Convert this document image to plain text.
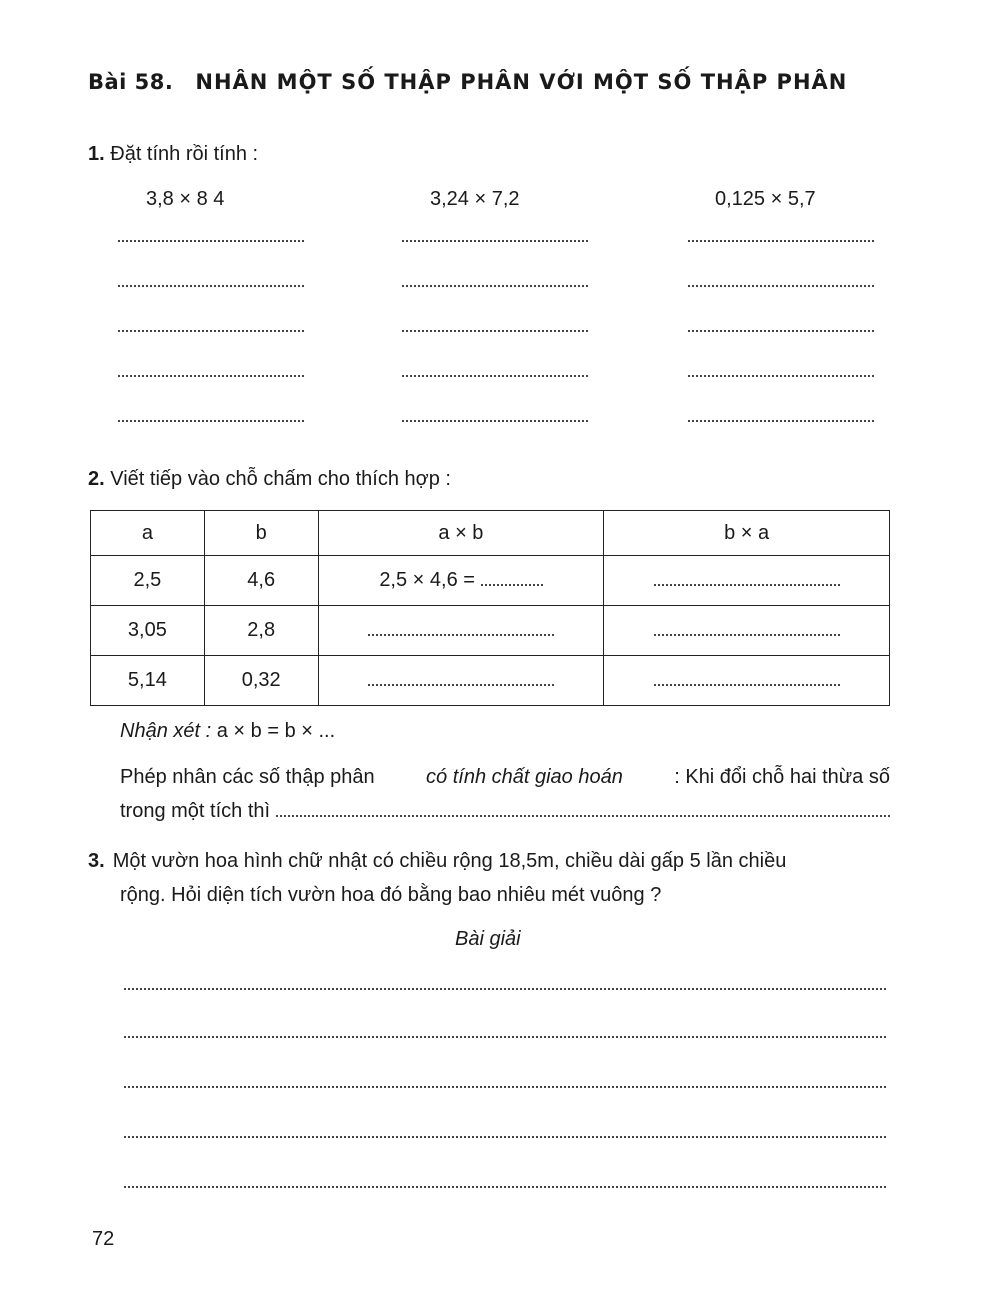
Bài 58. NHÂN MỘT SỐ THẬP PHÂN VỚI MỘT SỐ THẬP PHÂN
1. Đặt tính rồi tính :
3,8 × 8 4	3,24 × 7,2	0,125 × 5,7
2. Viết tiếp vào chỗ chấm cho thích hợp :
a	b	a × b	b × a
2,5	4,6	2,5 × 4,6 =	
3,05	2,8		
5,14	0,32		
Nhận xét : a × b = b × ...
Phép nhân các số thập phân	có tính chất giao hoán	: Khi đổi chỗ hai thừa số
trong một tích thì
3. Một vườn hoa hình chữ nhật có chiều rộng 18,5m, chiều dài gấp 5 lần chiều
rộng. Hỏi diện tích vườn hoa đó bằng bao nhiêu mét vuông ?
Bài giải
72
